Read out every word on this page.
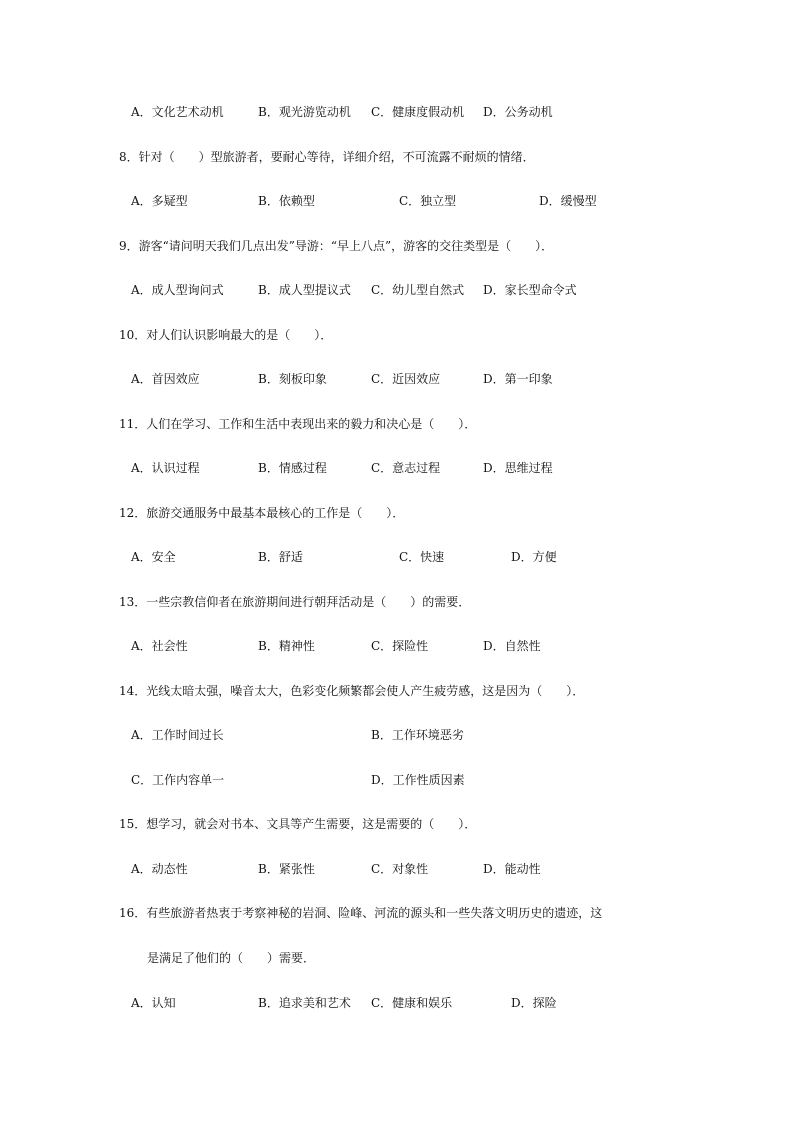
A．文化艺术动机	B．观光游览动机 C．健康度假动机 D．公务动机
8．针对（　　）型旅游者，要耐心等待，详细介绍，不可流露不耐烦的情绪．
A．多疑型	B．依赖型	C．独立型	D．缓慢型
9．游客“请问明天我们几点出发”导游：“早上八点”，游客的交往类型是（　　）．
A．成人型询问式	B．成人型提议式 C．幼儿型自然式 D．家长型命令式
10．对人们认识影响最大的是（　　）．
A．首因效应	B．刻板印象	C．近因效应	D．第一印象
11．人们在学习、工作和生活中表现出来的毅力和决心是（　　）．
A．认识过程	B．情感过程	C．意志过程	D．思维过程
12．旅游交通服务中最基本最核心的工作是（　　）．
A．安全	B．舒适	C．快速	D．方便
13．一些宗教信仰者在旅游期间进行朝拜活动是（　　）的需要．
A．社会性	B．精神性	C．探险性	D．自然性
14．光线太暗太强，噪音太大，色彩变化频繁都会使人产生疲劳感，这是因为（　　）．
A．工作时间过长	B．工作环境恶劣
C．工作内容单一	D．工作性质因素
15．想学习，就会对书本、文具等产生需要，这是需要的（　　）．
A．动态性	B．紧张性	C．对象性	D．能动性
16．有些旅游者热衷于考察神秘的岩洞、险峰、河流的源头和一些失落文明历史的遗迹，这
是满足了他们的（　　）需要．
A．认知	B．追求美和艺术 C．健康和娱乐	D．探险
